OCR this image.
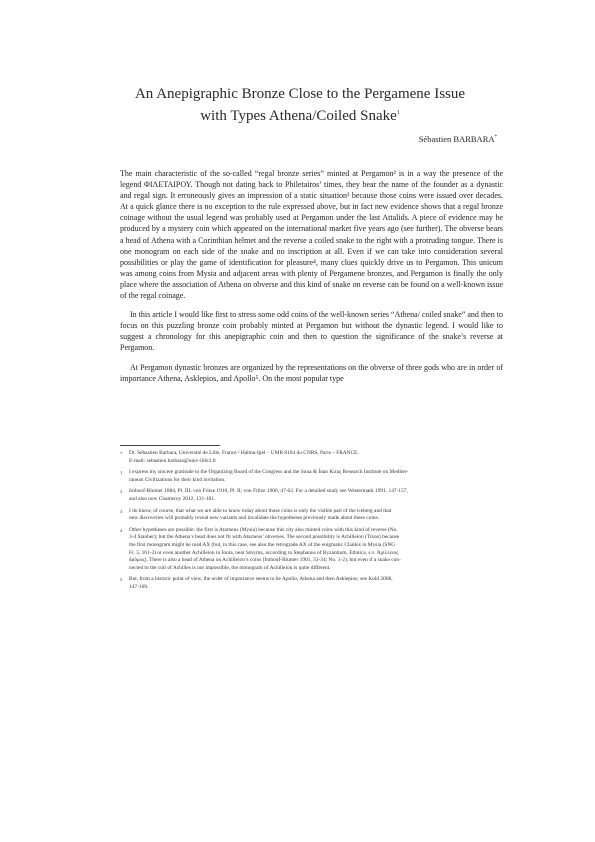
An Anepigraphic Bronze Close to the Pergamene Issue
with Types Athena/Coiled Snake$^1$
Sébastien BARBARA*

The main characteristic of the so-called “regal bronze series” minted at Pergamon² is in a way the presence of the legend ΦΙΛΕΤΑΙΡΟΥ. Though not dating back to Philetairos’ times, they bear the name of the founder as a dynastic and regal sign. It erroneously gives an impression of a static situation³ because those coins were issued over decades. At a quick glance there is no exception to the rule expressed above, but in fact new evidence shows that a regal bronze coinage without the usual legend was probably used at Pergamon under the last Attalids. A piece of evidence may be produced by a mystery coin which appeared on the international market five years ago (see further). The obverse bears a head of Athena with a Corinthian helmet and the reverse a coiled snake to the right with a protruding tongue. There is one monogram on each side of the snake and no inscription at all. Even if we can take into consideration several possibilities or play the game of identification for pleasure⁴, many clues quickly drive us to Pergamon. This unicum was among coins from Mysia and adjacent areas with plenty of Pergamene bronzes, and Pergamon is finally the only place where the association of Athena on obverse and this kind of snake on reverse can be found on a well-known issue of the regal coinage.

In this article I would like first to stress some odd coins of the well-known series “Athena/ coiled snake” and then to focus on this puzzling bronze coin probably minted at Pergamon but without the dynastic legend. I would like to suggest a chronology for this anepigraphic coin and then to question the significance of the snake’s reverse at Pergamon.

At Pergamon dynastic bronzes are organized by the representations on the obverse of three gods who are in order of importance Athena, Asklepios, and Apollo⁵. On the most popular type

*	Dr. Sébastien Barbara, Université de Lille, France / Halma-Ipel – UMR 8164 du CNRS, Paris – FRANCE.
E-mail: sebastien.barbara@univ-lille3.fr
1	I express my sincere gratitude to the Organizing Board of the Congress and the Suna & İnan Kıraç Research Institute on Mediter-
ranean Civilizations for their kind invitation.
2	Imhoof-Blumer 1884, Pl. III; von Fritze 1910, Pl. II; von Fritze 1906, 47-62. For a detailed study see Westermark 1991, 147-157,
and also now Chameroy 2012, 131-181.
3	I do know, of course, that what we are able to know today about those coins is only the visible part of the iceberg and that
new discoveries will probably reveal new variants and invalidate the hypotheses previously made about these coins.
4	Other hypotheses are possible: the first is Atarneus (Mysia) because this city also minted coins with this kind of reverse (No.
3-4 Stauber); but the Athena’s head does not fit with Atarneus’ obverses. The second possibility is Achilleion (Troas) because
the first monogram might be read AX (but, in this case, see also the retrograde AX of the enigmatic Chalkis in Mysia (SNG
Fr. 5, 161-2) or even another Achilleion in Ionia, near Smyrna, according to Stephanus of Byzantium, Ethnica, s.v. Ἀχίλλειος
δρόμος). There is also a head of Athena on Achilleion’s coins (Imhoof-Blumer 1901, 33-34; No. 1-2), but even if a snake con-
nected to the cult of Achilles is not impossible, the monogram of Achilleion is quite different.
5	But, from a historic point of view, the order of importance seems to be Apollo, Athena and then Asklepios; see Kohl 2008,
147-169.
